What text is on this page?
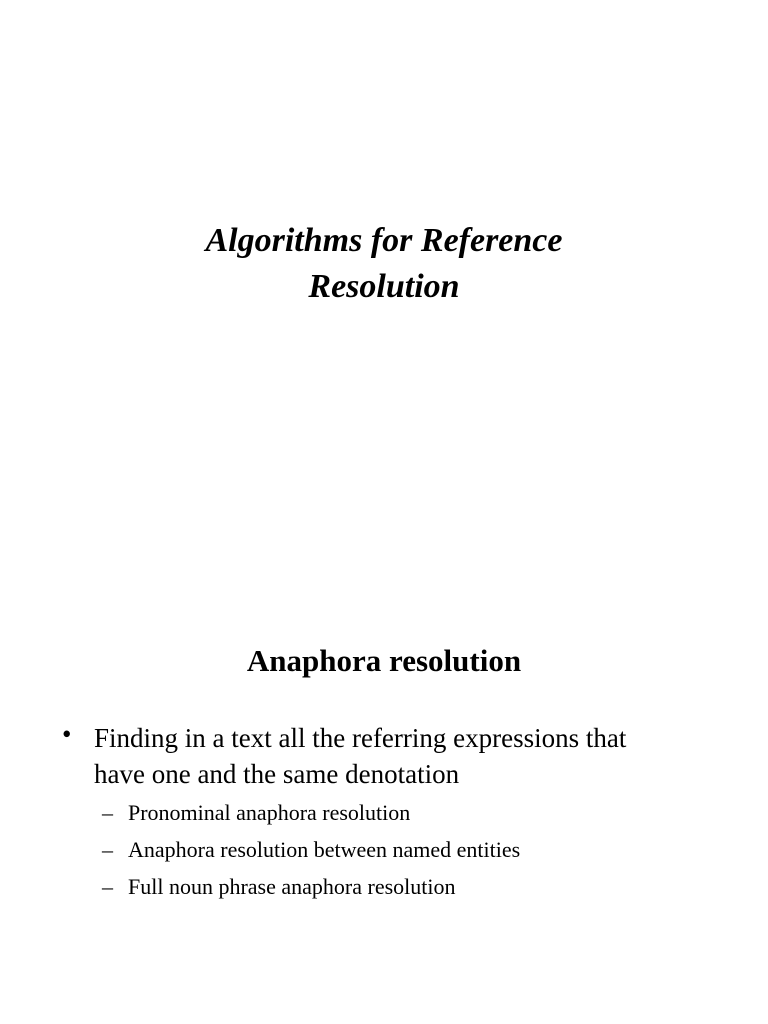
Algorithms for Reference
Resolution
Anaphora resolution
• Finding in a text all the referring expressions that
have one and the same denotation
– Pronominal anaphora resolution
– Anaphora resolution between named entities
– Full noun phrase anaphora resolution
